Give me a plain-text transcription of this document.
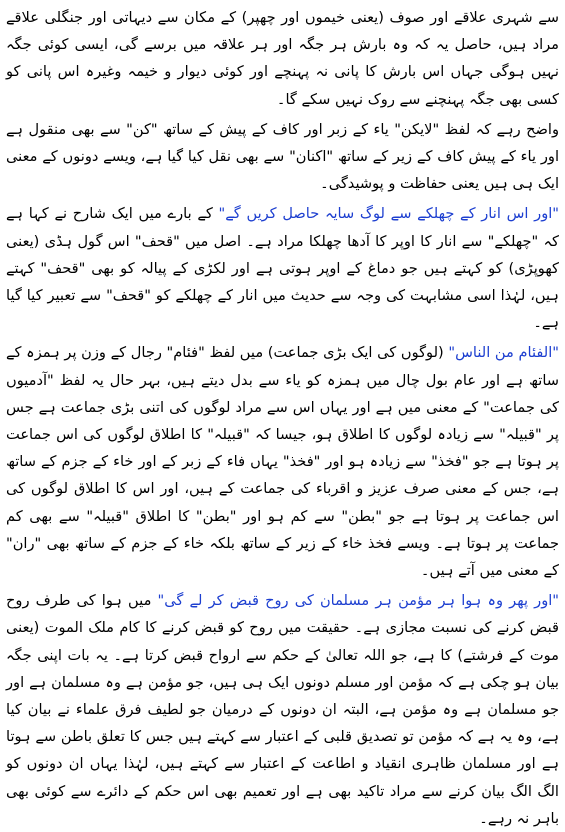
سے شہری علاقے اور صوف (یعنی خیموں اور چھپر) کے مکان سے دیہاتی اور جنگلی علاقے مراد ہیں، حاصل یہ کہ وہ بارش ہر جگہ اور ہر علاقہ میں برسے گی، ایسی کوئی جگہ نہیں ہوگی جہاں اس بارش کا پانی نہ پہنچے اور کوئی دیوار و خیمہ وغیرہ اس پانی کو کسی بھی جگہ پہنچنے سے روک نہیں سکے گا۔

واضح رہے کہ لفظ "لایکن" یاء کے زبر اور کاف کے پیش کے ساتھ "کن" سے بھی منقول ہے اور یاء کے پیش کاف کے زیر کے ساتھ "اکنان" سے بھی نقل کیا گیا ہے، ویسے دونوں کے معنی ایک ہی ہیں یعنی حفاظت و پوشیدگی۔

"اور اس انار کے چھلکے سے لوگ سایہ حاصل کریں گے" کے بارے میں ایک شارح نے کہا ہے کہ "چھلکے" سے انار کا اوپر کا آدھا چھلکا مراد ہے۔ اصل میں "قحف" اس گول ہڈی (یعنی کھوپڑی) کو کہتے ہیں جو دماغ کے اوپر ہوتی ہے اور لکڑی کے پیالہ کو بھی "قحف" کہتے ہیں، لہٰذا اسی مشابہت کی وجہ سے حدیث میں انار کے چھلکے کو "قحف" سے تعبیر کیا گیا ہے۔

"الفئام من الناس" (لوگوں کی ایک بڑی جماعت) میں لفظ "فئام" رجال کے وزن پر ہمزہ کے ساتھ ہے اور عام بول چال میں ہمزہ کو یاء سے بدل دیتے ہیں، بہر حال یہ لفظ "آدمیوں کی جماعت" کے معنی میں ہے اور یہاں اس سے مراد لوگوں کی اتنی بڑی جماعت ہے جس پر "قبیلہ" سے زیادہ لوگوں کا اطلاق ہو، جیسا کہ "قبیلہ" کا اطلاق لوگوں کی اس جماعت پر ہوتا ہے جو "فخذ" سے زیادہ ہو اور "فخذ" یہاں فاء کے زبر کے اور خاء کے جزم کے ساتھ ہے، جس کے معنی صرف عزیز و اقرباء کی جماعت کے ہیں، اور اس کا اطلاق لوگوں کی اس جماعت پر ہوتا ہے جو "بطن" سے کم ہو اور "بطن" کا اطلاق "قبیلہ" سے بھی کم جماعت پر ہوتا ہے۔ ویسے فخذ خاء کے زیر کے ساتھ بلکہ خاء کے جزم کے ساتھ بھی "ران" کے معنی میں آتے ہیں۔

"اور پھر وہ ہوا ہر مؤمن ہر مسلمان کی روح قبض کر لے گی" میں ہوا کی طرف روح قبض کرنے کی نسبت مجازی ہے۔ حقیقت میں روح کو قبض کرنے کا کام ملک الموت (یعنی موت کے فرشتے) کا ہے، جو اللہ تعالیٰ کے حکم سے ارواح قبض کرتا ہے۔ یہ بات اپنی جگہ بیان ہو چکی ہے کہ مؤمن اور مسلم دونوں ایک ہی ہیں، جو مؤمن ہے وہ مسلمان ہے اور جو مسلمان ہے وہ مؤمن ہے، البتہ ان دونوں کے درمیان جو لطیف فرق علماء نے بیان کیا ہے، وہ یہ ہے کہ مؤمن تو تصدیق قلبی کے اعتبار سے کہتے ہیں جس کا تعلق باطن سے ہوتا ہے اور مسلمان ظاہری انقیاد و اطاعت کے اعتبار سے کہتے ہیں، لہٰذا یہاں ان دونوں کو الگ الگ بیان کرنے سے مراد تاکید بھی ہے اور تعمیم بھی اس حکم کے دائرے سے کوئی بھی باہر نہ رہے۔
